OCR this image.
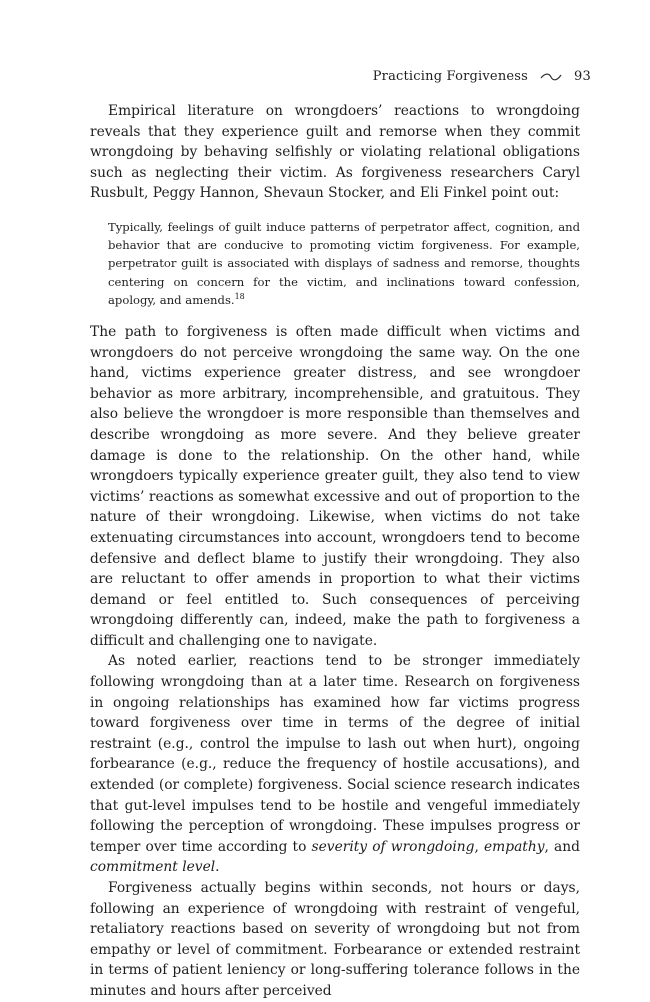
Practicing Forgiveness	93

Empirical literature on wrongdoers’ reactions to wrongdoing reveals that they experience guilt and remorse when they commit wrongdoing by behaving selfishly or violating relational obligations such as neglecting their victim. As forgiveness researchers Caryl Rusbult, Peggy Hannon, Shevaun Stocker, and Eli Finkel point out:

Typically, feelings of guilt induce patterns of perpetrator affect, cognition, and behavior that are conducive to promoting victim forgiveness. For example, perpetrator guilt is associated with displays of sadness and remorse, thoughts centering on concern for the victim, and inclinations toward confession, apology, and amends.$^{18}$

The path to forgiveness is often made difficult when victims and wrongdoers do not perceive wrongdoing the same way. On the one hand, victims experience greater distress, and see wrongdoer behavior as more arbitrary, incomprehensible, and gratuitous. They also believe the wrongdoer is more responsible than themselves and describe wrongdoing as more severe. And they believe greater damage is done to the relationship. On the other hand, while wrongdoers typically experience greater guilt, they also tend to view victims’ reactions as somewhat excessive and out of proportion to the nature of their wrongdoing. Likewise, when victims do not take extenuating circumstances into account, wrongdoers tend to become defensive and deflect blame to justify their wrongdoing. They also are reluctant to offer amends in proportion to what their victims demand or feel entitled to. Such consequences of perceiving wrongdoing differently can, indeed, make the path to forgiveness a difficult and challenging one to navigate.

As noted earlier, reactions tend to be stronger immediately following wrongdoing than at a later time. Research on forgiveness in ongoing relationships has examined how far victims progress toward forgiveness over time in terms of the degree of initial restraint (e.g., control the impulse to lash out when hurt), ongoing forbearance (e.g., reduce the frequency of hostile accusations), and extended (or complete) forgiveness. Social science research indicates that gut-level impulses tend to be hostile and vengeful immediately following the perception of wrongdoing. These impulses progress or temper over time according to severity of wrongdoing, empathy, and commitment level.

Forgiveness actually begins within seconds, not hours or days, following an experience of wrongdoing with restraint of vengeful, retaliatory reactions based on severity of wrongdoing but not from empathy or level of commitment. Forbearance or extended restraint in terms of patient leniency or long-suffering tolerance follows in the minutes and hours after perceived
